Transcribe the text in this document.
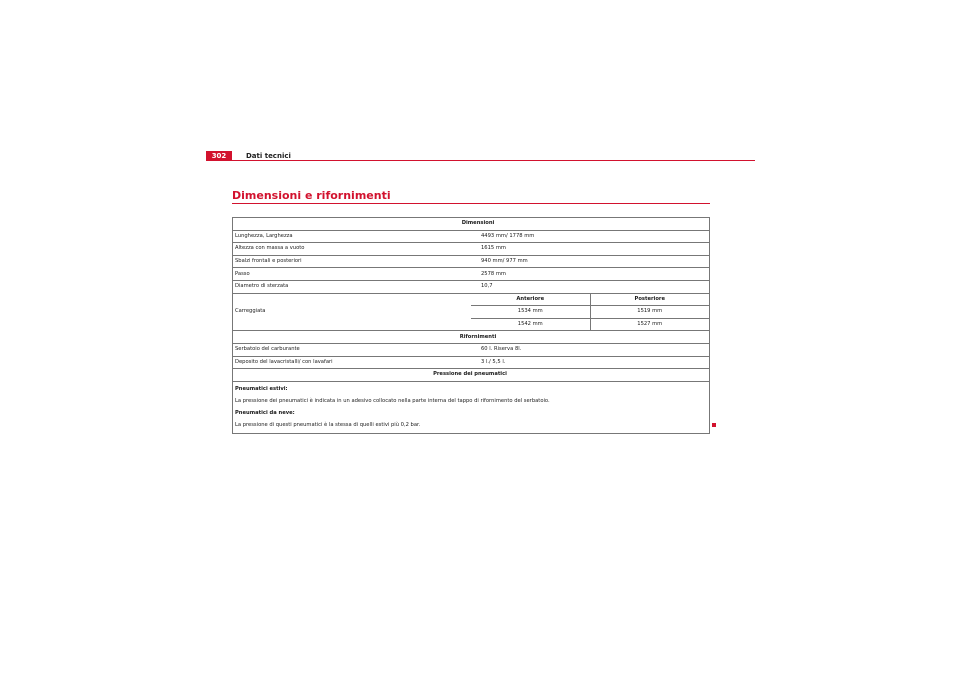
302	Dati tecnici
Dimensioni e rifornimenti
Dimensioni
Lunghezza, Larghezza	4493 mm/ 1778 mm
Altezza con massa a vuoto	1615 mm
Sbalzi frontali e posteriori	940 mm/ 977 mm
Passo	2578 mm
Diametro di sterzata	10,7
Carreggiata	
Anteriore	Posteriore
1534 mm	1519 mm
1542 mm	1527 mm

Rifornimenti
Serbatoio del carburante	60 l. Riserva 8l.
Deposito del lavacristalli/ con lavafari	3 l./ 5,5 l.
Pressione dei pneumatici

Pneumatici estivi:
La pressione dei pneumatici è indicata in un adesivo collocato nella parte interna del tappo di rifornimento del serbatoio.
Pneumatici da neve:
La pressione di questi pneumatici è la stessa di quelli estivi più 0,2 bar.
